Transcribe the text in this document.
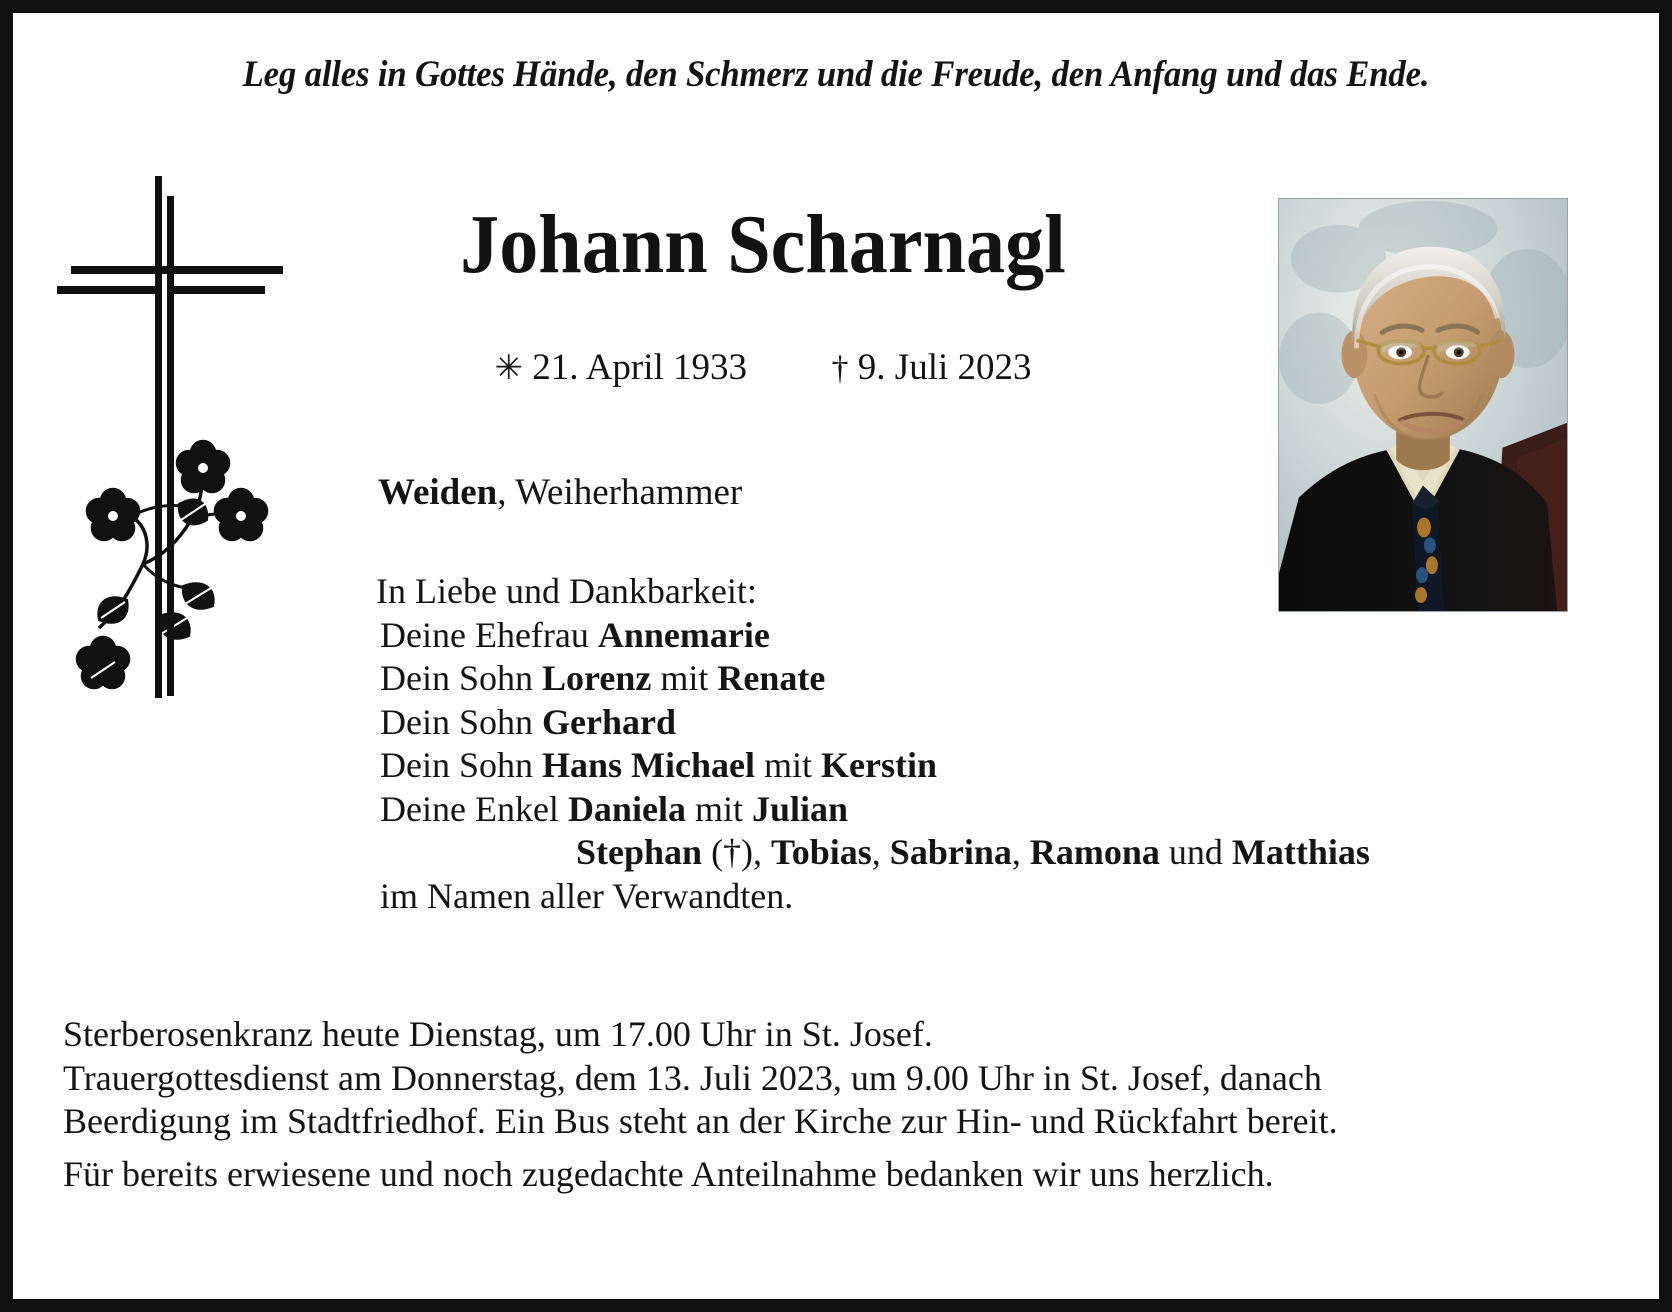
Leg alles in Gottes Hände, den Schmerz und die Freude, den Anfang und das Ende.
Johann Scharnagl
✳ 21. April 1933 † 9. Juli 2023
Weiden, Weiherhammer
In Liebe und Dankbarkeit:
Deine Ehefrau Annemarie
Dein Sohn Lorenz mit Renate
Dein Sohn Gerhard
Dein Sohn Hans Michael mit Kerstin
Deine Enkel Daniela mit Julian
Stephan (†), Tobias, Sabrina, Ramona und Matthias
im Namen aller Verwandten.
Sterberosenkranz heute Dienstag, um 17.00 Uhr in St. Josef.
Trauergottesdienst am Donnerstag, dem 13. Juli 2023, um 9.00 Uhr in St. Josef, danach
Beerdigung im Stadtfriedhof. Ein Bus steht an der Kirche zur Hin- und Rückfahrt bereit.
Für bereits erwiesene und noch zugedachte Anteilnahme bedanken wir uns herzlich.
